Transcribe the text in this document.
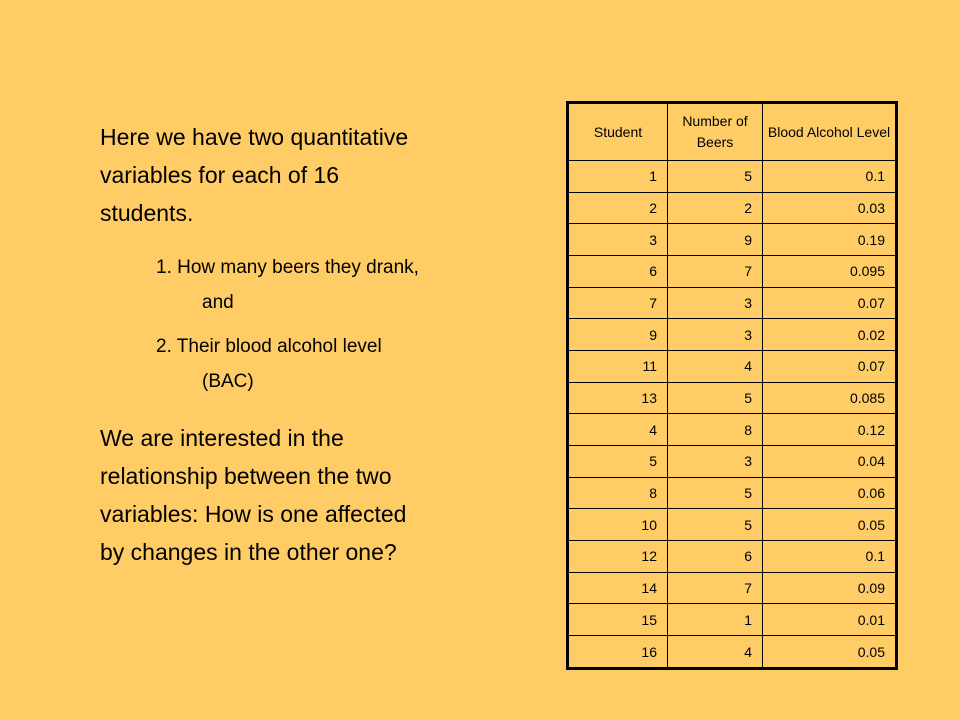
Here we have two quantitative
variables for each of 16
students.

1. How many beers they drank,
and
2. Their blood alcohol level
(BAC)

We are interested in the
relationship between the two
variables: How is one affected
by changes in the other one?

Student	Number of Beers	Blood Alcohol Level
1	5	0.1
2	2	0.03
3	9	0.19
6	7	0.095
7	3	0.07
9	3	0.02
11	4	0.07
13	5	0.085
4	8	0.12
5	3	0.04
8	5	0.06
10	5	0.05
12	6	0.1
14	7	0.09
15	1	0.01
16	4	0.05
